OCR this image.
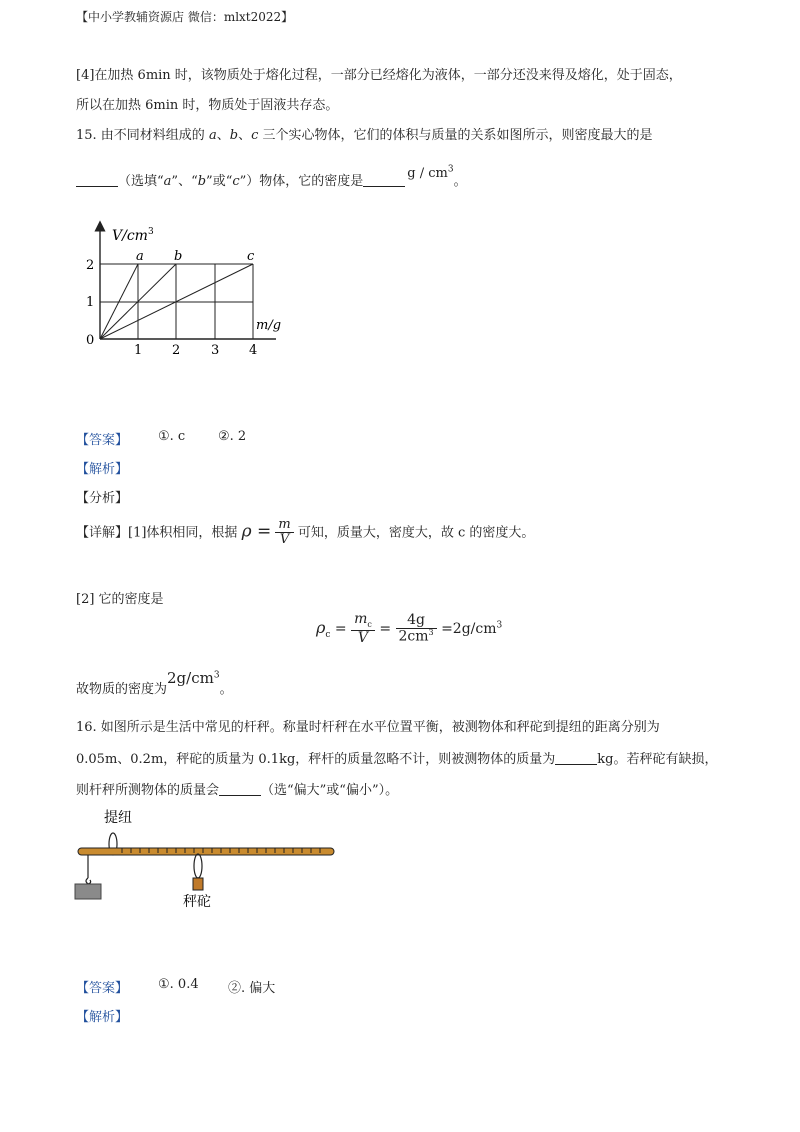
【中小学教辅资源店 微信：mlxt2022】
[4]在加热 6min 时，该物质处于熔化过程，一部分已经熔化为液体，一部分还没来得及熔化，处于固态，
所以在加热 6min 时，物质处于固液共存态。
15. 由不同材料组成的 a、b、c 三个实心物体，它们的体积与质量的关系如图所示，则密度最大的是
（选填“a”、“b”或“c”）物体，它的密度是g / $cm^3$。
$V/cm^3$
m/g
0
1 2 3 4
1
2
a b	c
【答案】 ①. c	②. 2
【解析】
【分析】
【详解】[1]体积相同，根据 $\rho = \frac{m}{V}$ 可知，质量大，密度大，故 c 的密度大。
[2] 它的密度是
$\rho_c = \frac{m_c}{V} = \frac{4g}{2cm^3} =2g/cm^3$
故物质的密度为$2g/cm^3$。
16. 如图所示是生活中常见的杆秤。称量时杆秤在水平位置平衡，被测物体和秤砣到提纽的距离分别为
0.05m、0.2m，秤砣的质量为 0.1kg，秤杆的质量忽略不计，则被测物体的质量为	kg。若秤砣有缺损，
则杆秤所测物体的质量会	（选“偏大”或“偏小”）。
提纽
秤砣
【答案】 ①. 0.4 ②. 偏大
【解析】
